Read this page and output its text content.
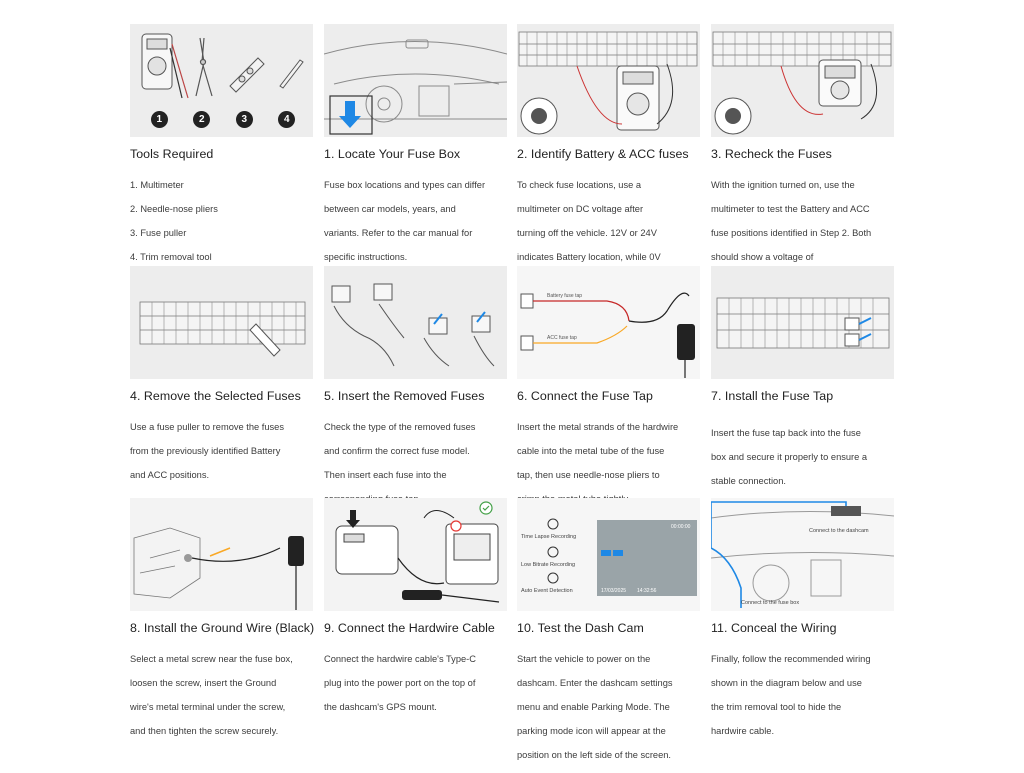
1	2	3	4
Tools Required

1. Multimeter

2. Needle-nose pliers

3. Fuse puller

4. Trim removal tool

1. Locate Your Fuse Box

Fuse box locations and types can differ

between car models, years, and

variants. Refer to the car manual for

specific instructions.

2. Identify Battery & ACC fuses

To check fuse locations, use a

multimeter on DC voltage after

turning off the vehicle. 12V or 24V

indicates Battery location, while 0V

3. Recheck the Fuses

With the ignition turned on, use the

multimeter to test the Battery and ACC

fuse positions identified in Step 2. Both

should show a voltage of

4. Remove the Selected Fuses

Use a fuse puller to remove the fuses

from the previously identified Battery

and ACC positions.

5. Insert the Removed Fuses

Check the type of the removed fuses

and confirm the correct fuse model.

Then insert each fuse into the

Battery fuse tap
ACC fuse tap
6. Connect the Fuse Tap

Insert the metal strands of the hardwire

cable into the metal tube of the fuse

tap, then use needle-nose pliers to

7. Install the Fuse Tap

Insert the fuse tap back into the fuse

box and secure it properly to ensure a

stable connection.

8. Install the Ground Wire (Black)

Select a metal screw near the fuse box,

loosen the screw, insert the Ground

wire's metal terminal under the screw,

and then tighten the screw securely.

9. Connect the Hardwire Cable

Connect the hardwire cable's Type-C

plug into the power port on the top of

the dashcam's GPS mount.

Time Lapse Recording
Low Bitrate Recording
Auto Event Detection
00:00:00
17/03/2025 14:32:56
10. Test the Dash Cam

Start the vehicle to power on the

dashcam. Enter the dashcam settings

menu and enable Parking Mode. The

parking mode icon will appear at the

position on the left side of the screen.

Connect to the dashcam
Connect to the fuse box
11. Conceal the Wiring

Finally, follow the recommended wiring

shown in the diagram below and use

the trim removal tool to hide the

hardwire cable.
